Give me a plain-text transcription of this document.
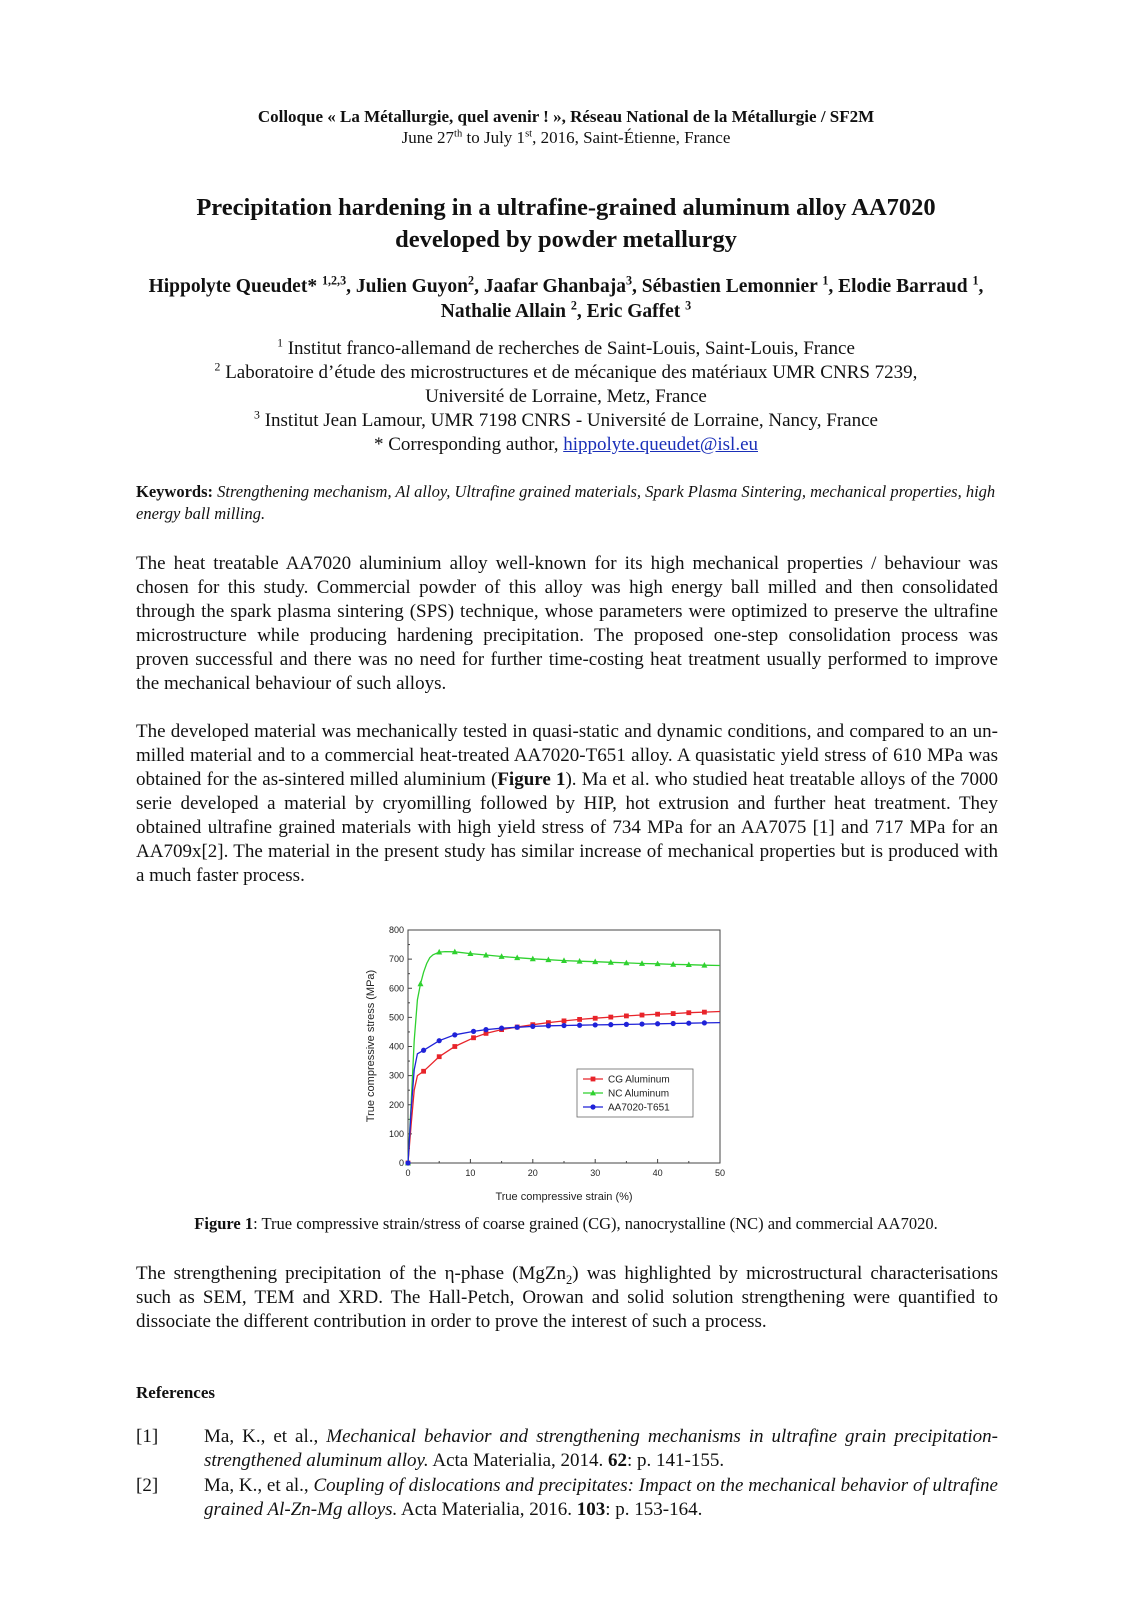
Colloque « La Métallurgie, quel avenir ! », Réseau National de la Métallurgie / SF2M
June 27th to July 1st, 2016, Saint-Étienne, France
Precipitation hardening in a ultrafine-grained aluminum alloy AA7020
developed by powder metallurgy
Hippolyte Queudet* $^{1,2,3}$, Julien Guyon$^2$, Jaafar Ghanbaja$^3$, Sébastien Lemonnier $^1$, Elodie Barraud $^1$, Nathalie Allain $^2$, Eric Gaffet $^3$
$^1$ Institut franco-allemand de recherches de Saint-Louis, Saint-Louis, France
$^2$ Laboratoire d’étude des microstructures et de mécanique des matériaux UMR CNRS 7239,
Université de Lorraine, Metz, France
$^3$ Institut Jean Lamour, UMR 7198 CNRS - Université de Lorraine, Nancy, France
* Corresponding author, hippolyte.queudet@isl.eu
Keywords: Strengthening mechanism, Al alloy, Ultrafine grained materials, Spark Plasma Sintering, mechanical properties, high energy ball milling.
The heat treatable AA7020 aluminium alloy well-known for its high mechanical properties / behaviour was chosen for this study. Commercial powder of this alloy was high energy ball milled and then consolidated through the spark plasma sintering (SPS) technique, whose parameters were optimized to preserve the ultrafine microstructure while producing hardening precipitation. The proposed one-step consolidation process was proven successful and there was no need for further time-costing heat treatment usually performed to improve the mechanical behaviour of such alloys.
The developed material was mechanically tested in quasi-static and dynamic conditions, and compared to an un-milled material and to a commercial heat-treated AA7020-T651 alloy. A quasistatic yield stress of 610 MPa was obtained for the as-sintered milled aluminium (Figure 1). Ma et al. who studied heat treatable alloys of the 7000 serie developed a material by cryomilling followed by HIP, hot extrusion and further heat treatment. They obtained ultrafine grained materials with high yield stress of 734 MPa for an AA7075 [1] and 717 MPa for an AA709x[2]. The material in the present study has similar increase of mechanical properties but is produced with a much faster process.
0
100
200
300
400
500
600
700
800
0	10	20	30	40	50
True compressive strain (%)
True compressive stress (MPa)	CG Aluminum
NC Aluminum
AA7020-T651
Figure 1: True compressive strain/stress of coarse grained (CG), nanocrystalline (NC) and commercial AA7020.
The strengthening precipitation of the η-phase (MgZn$_2$) was highlighted by microstructural characterisations such as SEM, TEM and XRD. The Hall-Petch, Orowan and solid solution strengthening were quantified to dissociate the different contribution in order to prove the interest of such a process.
References
[1] Ma, K., et al., Mechanical behavior and strengthening mechanisms in ultrafine grain precipitation-strengthened aluminum alloy. Acta Materialia, 2014. 62: p. 141-155.
[2] Ma, K., et al., Coupling of dislocations and precipitates: Impact on the mechanical behavior of ultrafine grained Al-Zn-Mg alloys. Acta Materialia, 2016. 103: p. 153-164.
